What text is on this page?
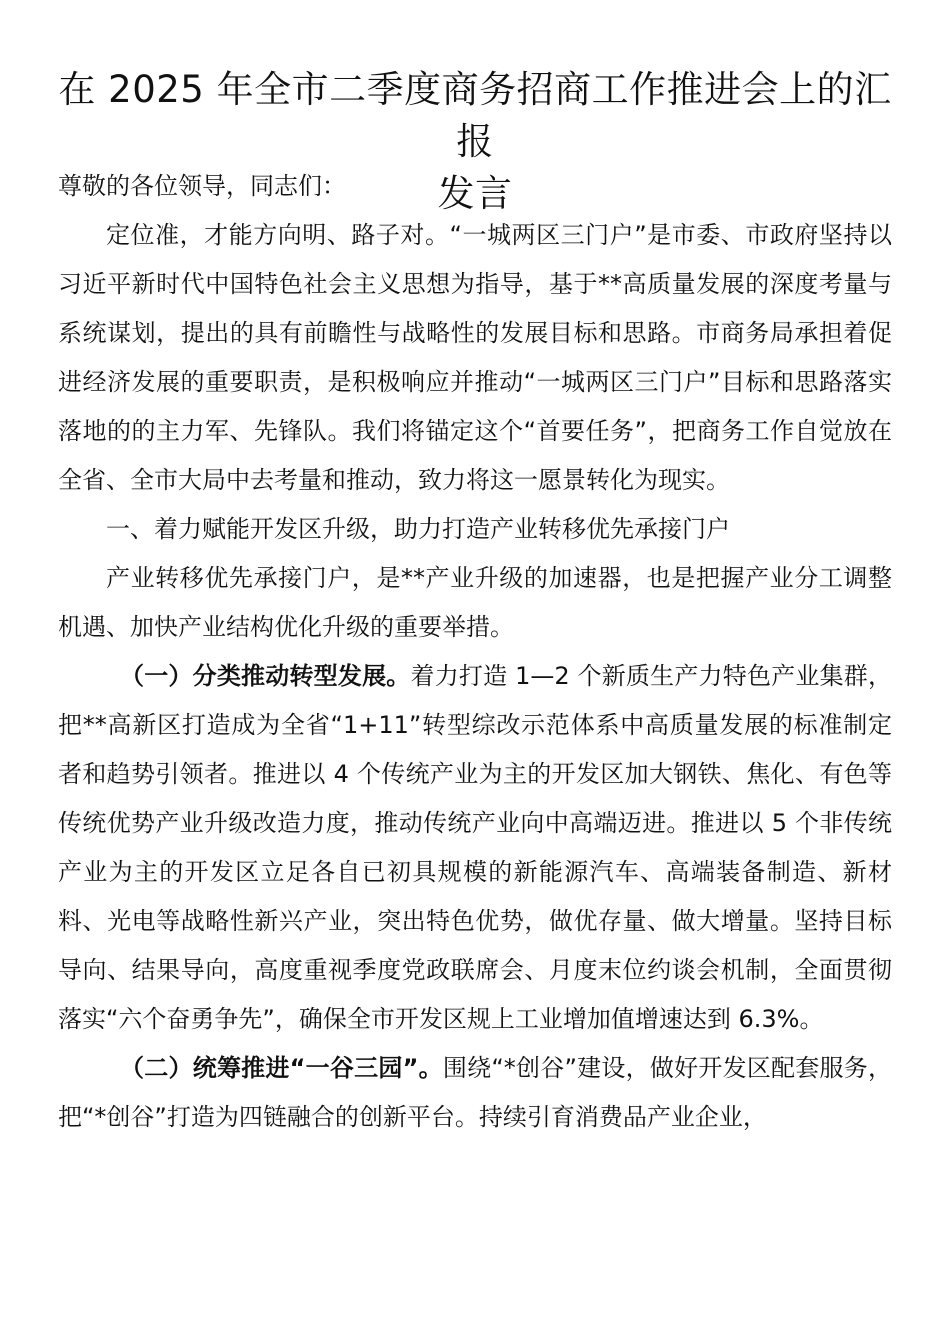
在 2025 年全市二季度商务招商工作推进会上的汇报
发言

尊敬的各位领导，同志们：

定位准，才能方向明、路子对。“一城两区三门户”是市委、市政府坚持以习近平新时代中国特色社会主义思想为指导，基于**高质量发展的深度考量与系统谋划，提出的具有前瞻性与战略性的发展目标和思路。市商务局承担着促进经济发展的重要职责，是积极响应并推动“一城两区三门户”目标和思路落实落地的的主力军、先锋队。我们将锚定这个“首要任务”，把商务工作自觉放在全省、全市大局中去考量和推动，致力将这一愿景转化为现实。

一、着力赋能开发区升级，助力打造产业转移优先承接门户

产业转移优先承接门户，是**产业升级的加速器，也是把握产业分工调整机遇、加快产业结构优化升级的重要举措。

（一）分类推动转型发展。着力打造 1—2 个新质生产力特色产业集群，把**高新区打造成为全省“1+11”转型综改示范体系中高质量发展的标准制定者和趋势引领者。推进以 4 个传统产业为主的开发区加大钢铁、焦化、有色等传统优势产业升级改造力度，推动传统产业向中高端迈进。推进以 5 个非传统产业为主的开发区立足各自已初具规模的新能源汽车、高端装备制造、新材料、光电等战略性新兴产业，突出特色优势，做优存量、做大增量。坚持目标导向、结果导向，高度重视季度党政联席会、月度末位约谈会机制，全面贯彻落实“六个奋勇争先”，确保全市开发区规上工业增加值增速达到 6.3%。

（二）统筹推进“一谷三园”。围绕“*创谷”建设，做好开发区配套服务，把“*创谷”打造为四链融合的创新平台。持续引育消费品产业企业，
